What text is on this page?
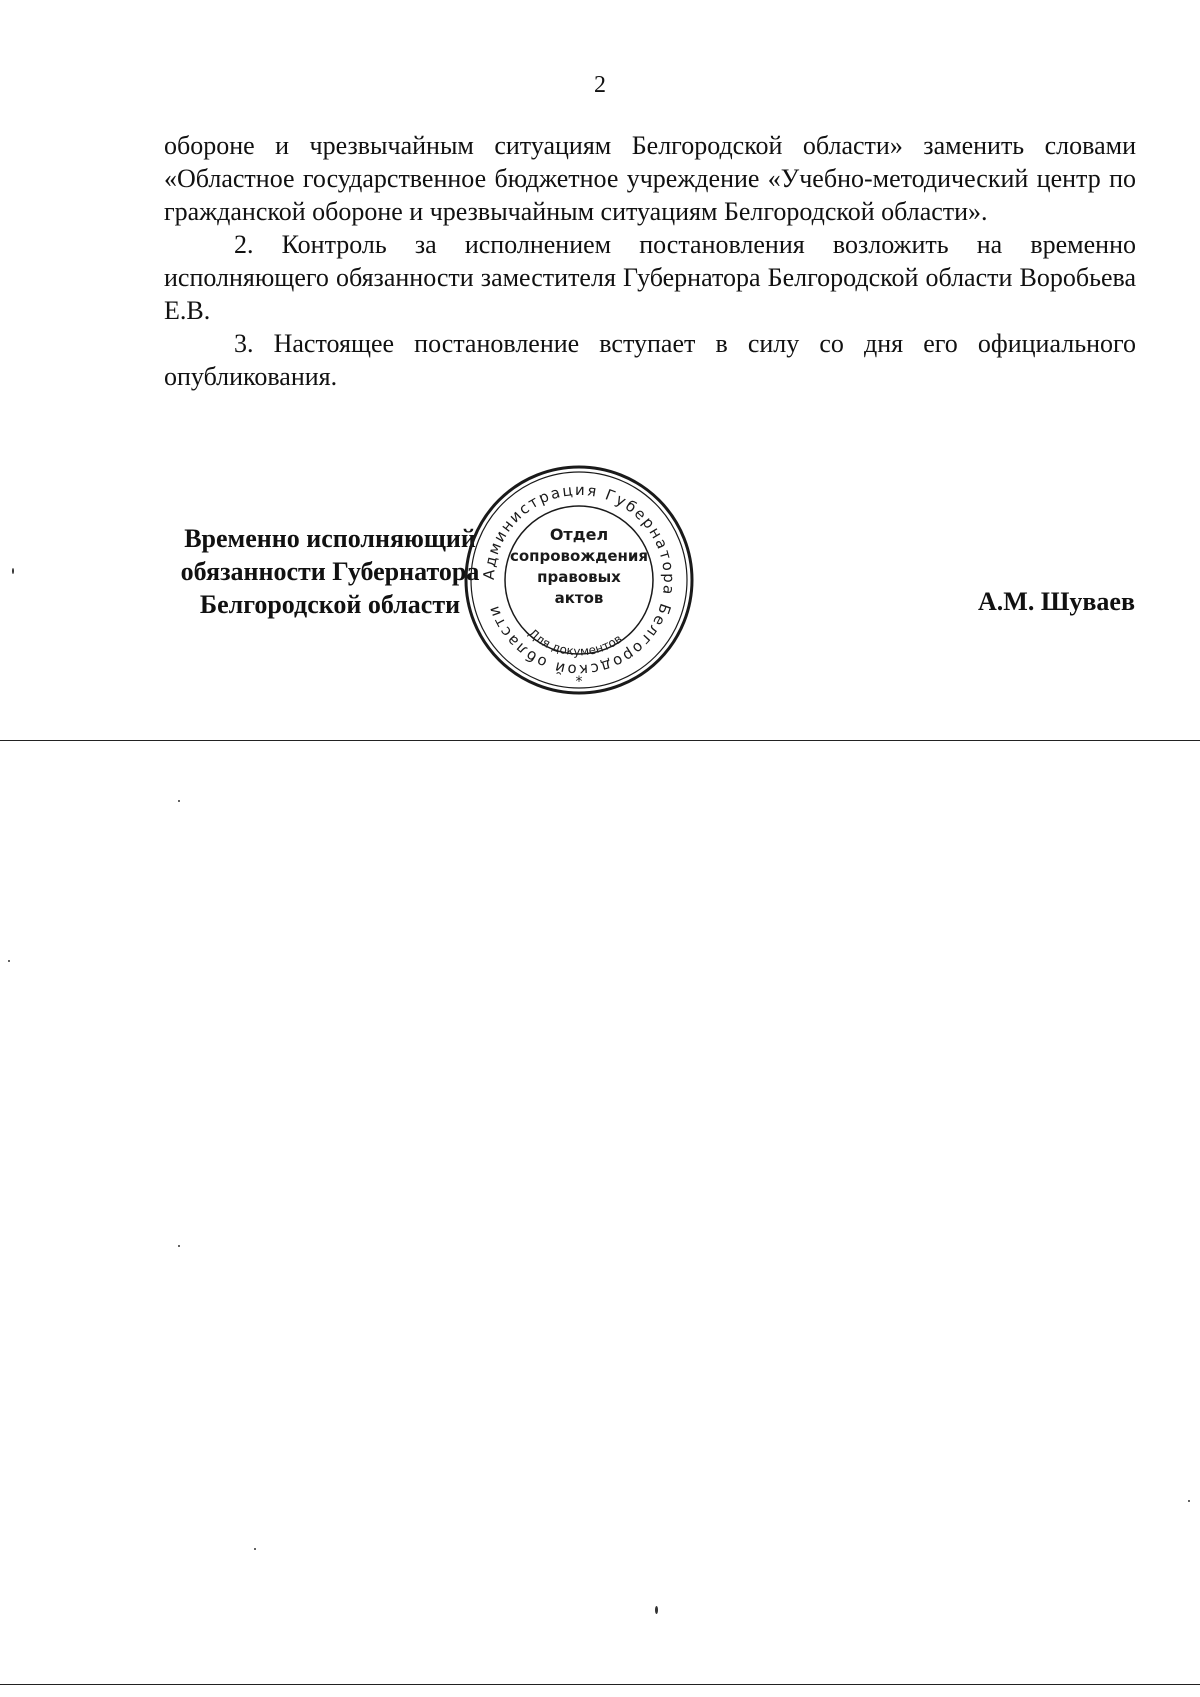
2

обороне и чрезвычайным ситуациям Белгородской области» заменить словами «Областное государственное бюджетное учреждение «Учебно-методический центр по гражданской обороне и чрезвычайным ситуациям Белгородской области».

2. Контроль за исполнением постановления возложить на временно исполняющего обязанности заместителя Губернатора Белгородской области Воробьева Е.В.

3. Настоящее постановление вступает в силу со дня его официального опубликования.

Временно исполняющий
обязанности Губернатора
Белгородской области
Администрация Губернатора Белгородской области
Для документов
Отдел
сопровождения
правовых
актов
*
А.М. Шуваев
